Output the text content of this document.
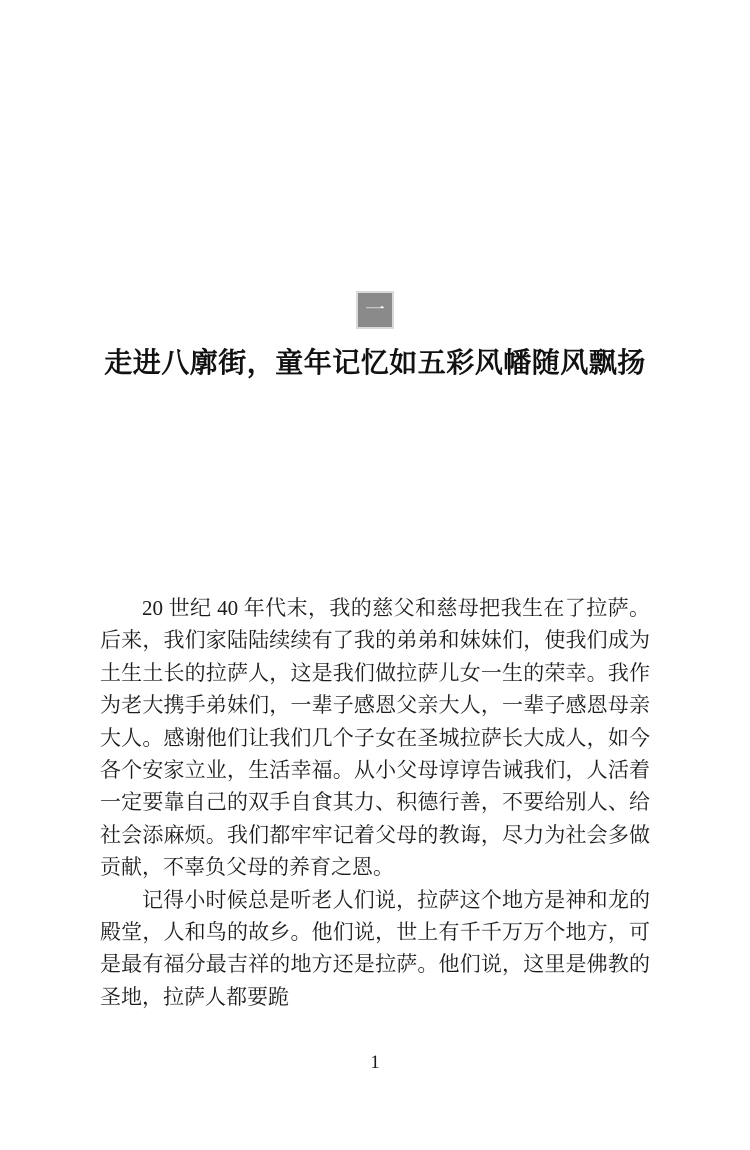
一
走进八廓街，童年记忆如五彩风幡随风飘扬

20 世纪 40 年代末，我的慈父和慈母把我生在了拉萨。后来，我们家陆陆续续有了我的弟弟和妹妹们，使我们成为土生土长的拉萨人，这是我们做拉萨儿女一生的荣幸。我作为老大携手弟妹们，一辈子感恩父亲大人，一辈子感恩母亲大人。感谢他们让我们几个子女在圣城拉萨长大成人，如今各个安家立业，生活幸福。从小父母谆谆告诫我们，人活着一定要靠自己的双手自食其力、积德行善，不要给别人、给社会添麻烦。我们都牢牢记着父母的教诲，尽力为社会多做贡献，不辜负父母的养育之恩。

记得小时候总是听老人们说，拉萨这个地方是神和龙的殿堂，人和鸟的故乡。他们说，世上有千千万万个地方，可是最有福分最吉祥的地方还是拉萨。他们说，这里是佛教的圣地，拉萨人都要跪

1
